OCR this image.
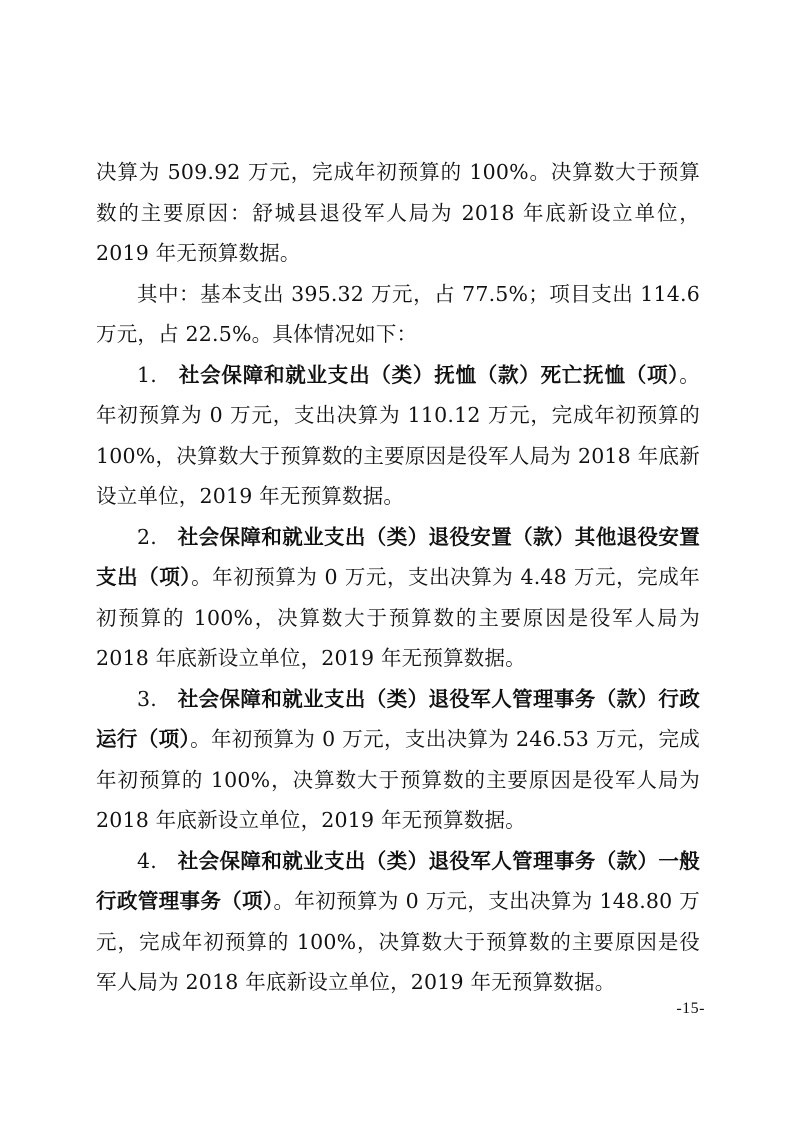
决算为 509.92 万元，完成年初预算的 100%。决算数大于预算数的主要原因：舒城县退役军人局为 2018 年底新设立单位，2019 年无预算数据。

其中：基本支出 395.32 万元，占 77.5%；项目支出 114.6 万元，占 22.5%。具体情况如下：

1. 社会保障和就业支出（类）抚恤（款）死亡抚恤（项）。年初预算为 0 万元，支出决算为 110.12 万元，完成年初预算的 100%，决算数大于预算数的主要原因是役军人局为 2018 年底新设立单位，2019 年无预算数据。

2. 社会保障和就业支出（类）退役安置（款）其他退役安置支出（项）。年初预算为 0 万元，支出决算为 4.48 万元，完成年初预算的 100%，决算数大于预算数的主要原因是役军人局为 2018 年底新设立单位，2019 年无预算数据。

3. 社会保障和就业支出（类）退役军人管理事务（款）行政运行（项）。年初预算为 0 万元，支出决算为 246.53 万元，完成年初预算的 100%，决算数大于预算数的主要原因是役军人局为 2018 年底新设立单位，2019 年无预算数据。

4. 社会保障和就业支出（类）退役军人管理事务（款）一般行政管理事务（项）。年初预算为 0 万元，支出决算为 148.80 万元，完成年初预算的 100%，决算数大于预算数的主要原因是役军人局为 2018 年底新设立单位，2019 年无预算数据。

-15-
